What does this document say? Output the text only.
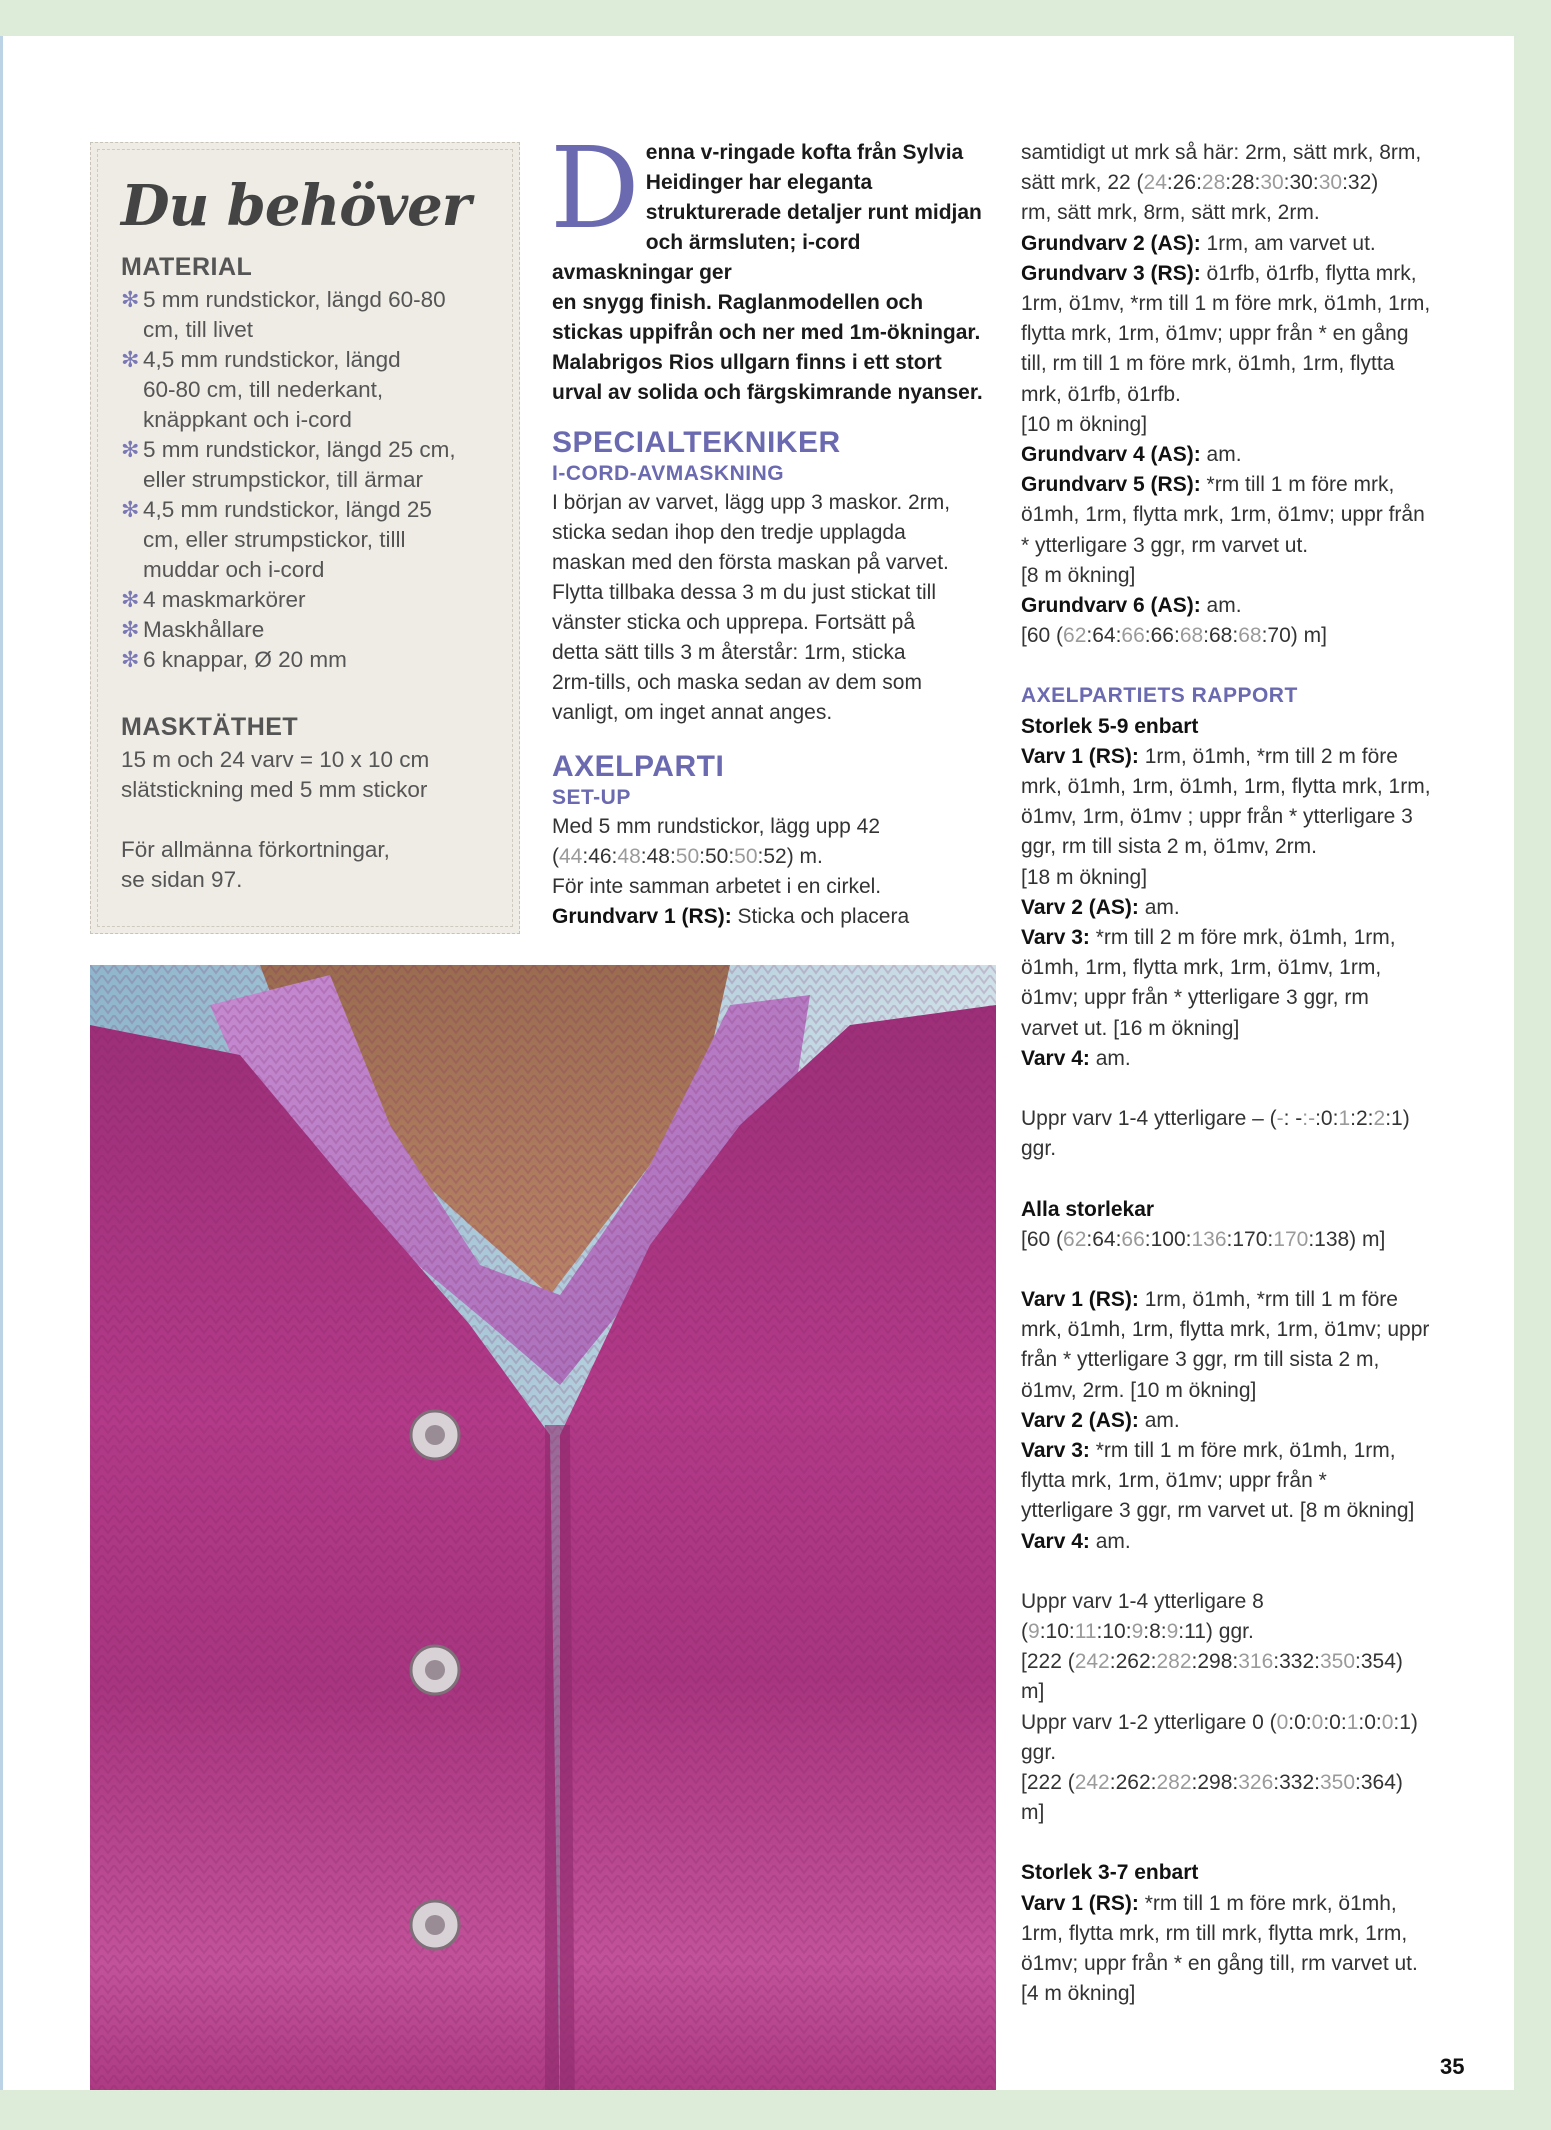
Du behöver
MATERIAL
✻ 5 mm rundstickor, längd 60-80
cm, till livet
✻ 4,5 mm rundstickor, längd
60-80 cm, till nederkant,
knäppkant och i-cord
✻ 5 mm rundstickor, längd 25 cm,
eller strumpstickor, till ärmar
✻ 4,5 mm rundstickor, längd 25
cm, eller strumpstickor, tilll
muddar och i-cord
✻ 4 maskmarkörer
✻ Maskhållare
✻ 6 knappar, Ø 20 mm
MASKTÄTHET
15 m och 24 varv = 10 x 10 cm
slätstickning med 5 mm stickor
För allmänna förkortningar,
se sidan 97.
D enna v-ringade kofta från Sylvia
Heidinger har eleganta
strukturerade detaljer runt midjan
och ärmsluten; i-cord avmaskningar ger
en snygg finish. Raglanmodellen och
stickas uppifrån och ner med 1m-ökningar.
Malabrigos Rios ullgarn finns i ett stort
urval av solida och färgskimrande nyanser.

SPECIALTEKNIKER
I-CORD-AVMASKNING

I början av varvet, lägg upp 3 maskor. 2rm,
sticka sedan ihop den tredje upplagda
maskan med den första maskan på varvet.
Flytta tillbaka dessa 3 m du just stickat till
vänster sticka och upprepa. Fortsätt på
detta sätt tills 3 m återstår: 1rm, sticka
2rm-tills, och maska sedan av dem som
vanligt, om inget annat anges.

AXELPARTI
SET-UP

Med 5 mm rundstickor, lägg upp 42
(44:46:48:48:50:50:50:52) m.
För inte samman arbetet i en cirkel.
Grundvarv 1 (RS): Sticka och placera

samtidigt ut mrk så här: 2rm, sätt mrk, 8rm,

sätt mrk, 22 (24:26:28:28:30:30:30:32)

rm, sätt mrk, 8rm, sätt mrk, 2rm.

Grundvarv 2 (AS): 1rm, am varvet ut.

Grundvarv 3 (RS): ö1rfb, ö1rfb, flytta mrk,

1rm, ö1mv, *rm till 1 m före mrk, ö1mh, 1rm,

flytta mrk, 1rm, ö1mv; uppr från * en gång

till, rm till 1 m före mrk, ö1mh, 1rm, flytta

mrk, ö1rfb, ö1rfb.

[10 m ökning]

Grundvarv 4 (AS): am.

Grundvarv 5 (RS): *rm till 1 m före mrk,

ö1mh, 1rm, flytta mrk, 1rm, ö1mv; uppr från

* ytterligare 3 ggr, rm varvet ut.

[8 m ökning]

Grundvarv 6 (AS): am.

[60 (62:64:66:66:68:68:68:70) m]

AXELPARTIETS RAPPORT

Storlek 5-9 enbart

Varv 1 (RS): 1rm, ö1mh, *rm till 2 m före

mrk, ö1mh, 1rm, ö1mh, 1rm, flytta mrk, 1rm,

ö1mv, 1rm, ö1mv ; uppr från * ytterligare 3

ggr, rm till sista 2 m, ö1mv, 2rm.

[18 m ökning]

Varv 2 (AS): am.

Varv 3: *rm till 2 m före mrk, ö1mh, 1rm,

ö1mh, 1rm, flytta mrk, 1rm, ö1mv, 1rm,

ö1mv; uppr från * ytterligare 3 ggr, rm

varvet ut. [16 m ökning]

Varv 4: am.

Uppr varv 1-4 ytterligare – (-: -:-:0:1:2:2:1)

ggr.

Alla storlekar

[60 (62:64:66:100:136:170:170:138) m]

Varv 1 (RS): 1rm, ö1mh, *rm till 1 m före

mrk, ö1mh, 1rm, flytta mrk, 1rm, ö1mv; uppr

från * ytterligare 3 ggr, rm till sista 2 m,

ö1mv, 2rm. [10 m ökning]

Varv 2 (AS): am.

Varv 3: *rm till 1 m före mrk, ö1mh, 1rm,

flytta mrk, 1rm, ö1mv; uppr från *

ytterligare 3 ggr, rm varvet ut. [8 m ökning]

Varv 4: am.

Uppr varv 1-4 ytterligare 8

(9:10:11:10:9:8:9:11) ggr.

[222 (242:262:282:298:316:332:350:354)

m]

Uppr varv 1-2 ytterligare 0 (0:0:0:0:1:0:0:1)

ggr.

[222 (242:262:282:298:326:332:350:364)

m]

Storlek 3-7 enbart

Varv 1 (RS): *rm till 1 m före mrk, ö1mh,

1rm, flytta mrk, rm till mrk, flytta mrk, 1rm,

ö1mv; uppr från * en gång till, rm varvet ut.

[4 m ökning]

35
